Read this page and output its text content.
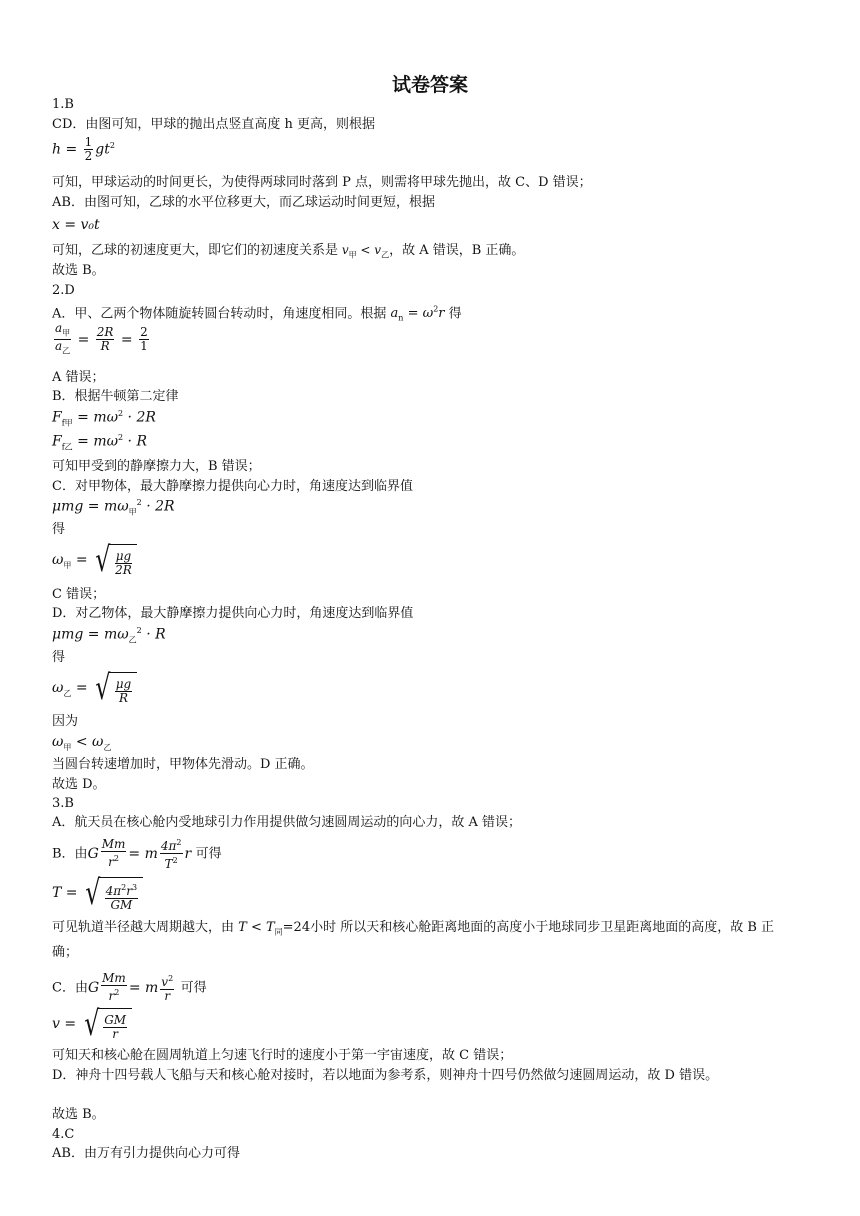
试卷答案
1.B
CD．由图可知，甲球的抛出点竖直高度 h 更高，则根据
$h = \frac{1}{2} gt^2$
可知，甲球运动的时间更长，为使得两球同时落到 P 点，则需将甲球先抛出，故 C、D 错误；
AB．由图可知，乙球的水平位移更大，而乙球运动时间更短，根据
x = v₀t
可知，乙球的初速度更大，即它们的初速度关系是 $v_甲 < v_乙$，故 A 错误，B 正确。
故选 B。
2.D
A．甲、乙两个物体随旋转圆台转动时，角速度相同。根据 $a_n = \omega^2r$ 得
$\frac{a_甲}{a_乙} = \frac{2R}{R} = \frac{2}{1}$
A 错误；
B．根据牛顿第二定律
$F_{f甲} = m\omega^2 \cdot 2R$
$F_{f乙} = m\omega^2 \cdot R$
可知甲受到的静摩擦力大，B 错误；
C．对甲物体，最大静摩擦力提供向心力时，角速度达到临界值
$\mu mg = m\omega_甲^2 \cdot 2R$
得
$\omega_甲$ = √ $\frac{\mu g}{2R}$
C 错误；
D．对乙物体，最大静摩擦力提供向心力时，角速度达到临界值
$\mu mg = m\omega_乙^2 \cdot R$
得
$\omega_乙$ = √ $\frac{\mu g}{R}$
因为
$\omega_甲 < \omega_乙$
当圆台转速增加时，甲物体先滑动。D 正确。
故选 D。
3.B
A．航天员在核心舱内受地球引力作用提供做匀速圆周运动的向心力，故 A 错误；
B．由G $\frac{Mm}{r^2} = m \frac{4\pi^2}{T^2}$ r 可得
T = √ $\frac{4\pi^2r^3}{GM}$
可见轨道半径越大周期越大，由 $T < T_同=24$小时 所以天和核心舱距离地面的高度小于地球同步卫星距离地面的高度，故 B 正确；
C．由G $\frac{Mm}{r^2} = m \frac{v^2}{r}$ 可得
v = √ $\frac{GM}{r}$
可知天和核心舱在圆周轨道上匀速飞行时的速度小于第一宇宙速度，故 C 错误；
D．神舟十四号载人飞船与天和核心舱对接时，若以地面为参考系，则神舟十四号仍然做匀速圆周运动，故 D 错误。
故选 B。
4.C
AB．由万有引力提供向心力可得
